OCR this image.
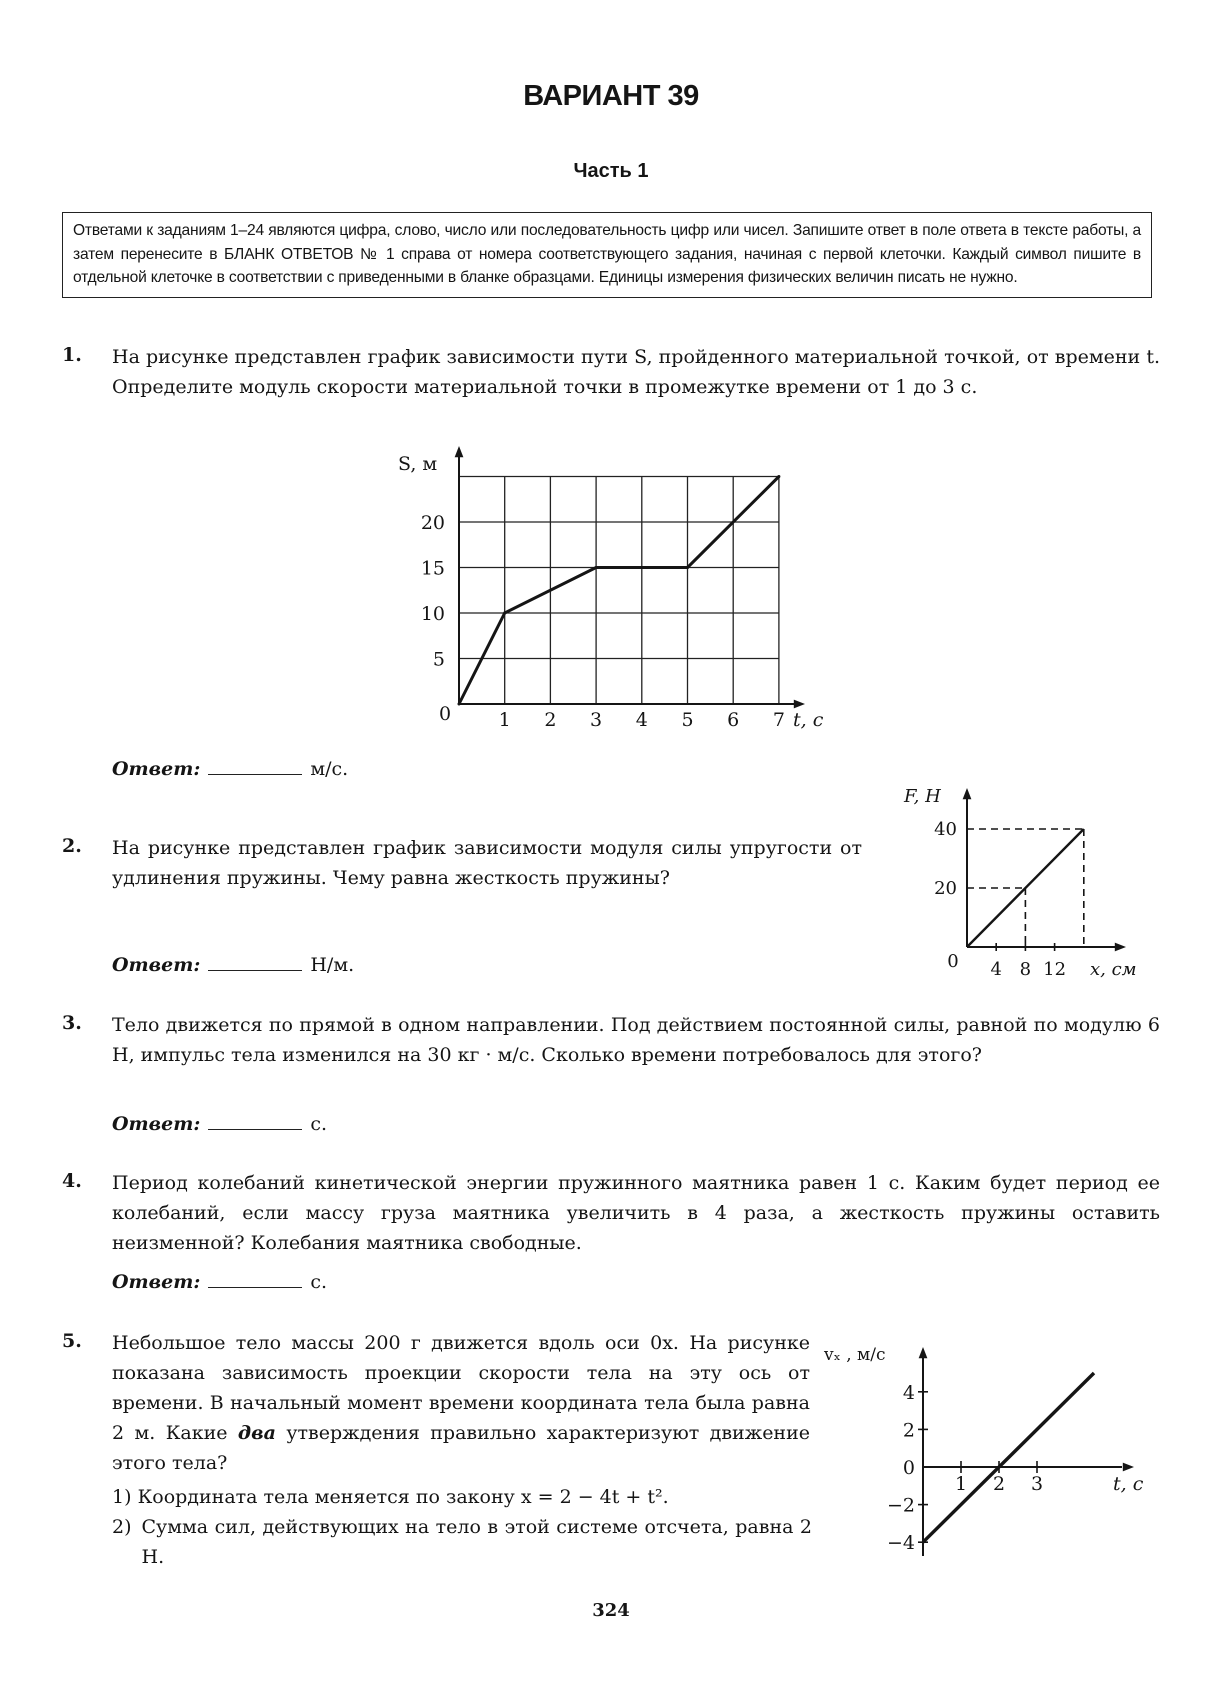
ВАРИАНТ 39
Часть 1
Ответами к заданиям 1–24 являются цифра, слово, число или последовательность цифр или чисел. Запишите ответ в поле ответа в тексте работы, а затем перенесите в БЛАНК ОТВЕТОВ № 1 справа от номера соответствующего задания, начиная с первой клеточки. Каждый символ пишите в отдельной клеточке в соответствии с приведенными в бланке образцами. Единицы измерения физических величин писать не нужно.
1. На рисунке представлен график зависимости пути S, пройденного материальной точкой, от времени t. Определите модуль скорости материальной точки в промежутке времени от 1 до 3 с.
0	1 2 3 4 5 6 7
5
10
15
20
t, с
S, м
Ответ:	м/с.
2. На рисунке представлен график зависимости модуля силы упругости от удлинения пружины. Чему равна жесткость пружины?
4 8 12
20
40
0	x, см
F, Н
Ответ:	Н/м.
3. Тело движется по прямой в одном направлении. Под действием постоянной силы, равной по модулю 6 Н, импульс тела изменился на 30 кг · м/с. Сколько времени потребовалось для этого?
Ответ:	с.
4. Период колебаний кинетической энергии пружинного маятника равен 1 с. Каким будет период ее колебаний, если массу груза маятника увеличить в 4 раза, а жесткость пружины оставить неизменной? Колебания маятника свободные.
Ответ:	с.
5. Небольшое тело массы 200 г движется вдоль оси 0x. На рисунке показана зависимость проекции скорости тела на эту ось от времени. В начальный момент времени координата тела была равна 2 м. Какие два утверждения правильно характеризуют движение этого тела?
1) Координата тела меняется по закону x = 2 − 4t + t².
2) Сумма сил, действующих на тело в этой системе отсчета, равна 2 Н.
1 2 3
4
2
0
−2
−4
t, с
vₓ , м/с
324
